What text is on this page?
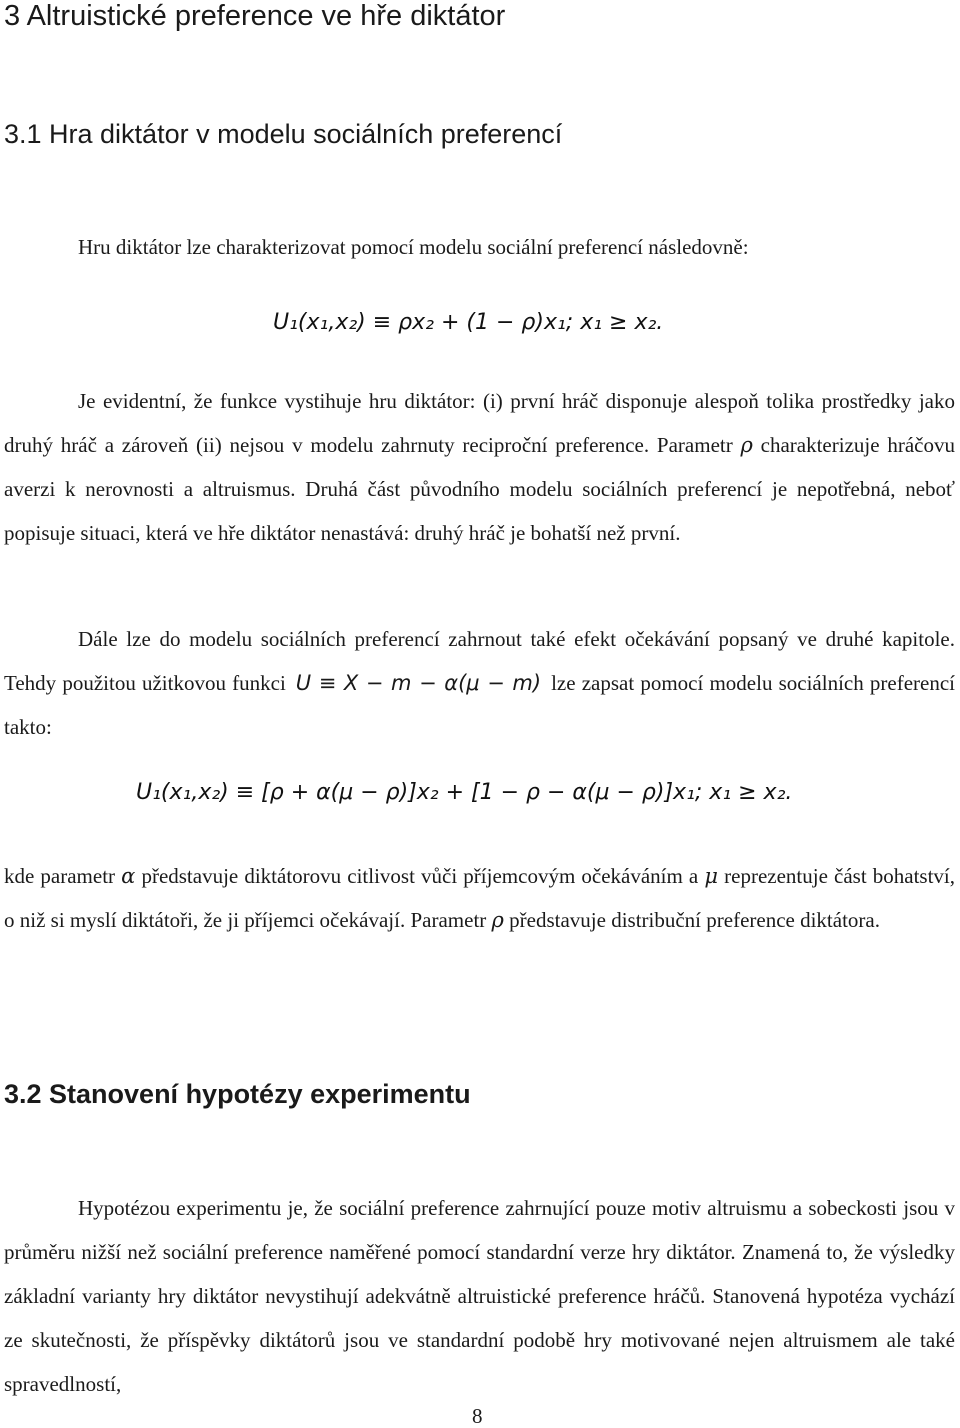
3 Altruistické preference ve hře diktátor
3.1 Hra diktátor v modelu sociálních preferencí

Hru diktátor lze charakterizovat pomocí modelu sociální preferencí následovně:

U₁(x₁,x₂) ≡ ρx₂ + (1 − ρ)x₁; x₁ ≥ x₂.

Je evidentní, že funkce vystihuje hru diktátor: (i) první hráč disponuje alespoň tolika prostředky jako druhý hráč a zároveň (ii) nejsou v modelu zahrnuty reciproční preference. Parametr ρ charakterizuje hráčovu averzi k nerovnosti a altruismus. Druhá část původního modelu sociálních preferencí je nepotřebná, neboť popisuje situaci, která ve hře diktátor nenastává: druhý hráč je bohatší než první.

Dále lze do modelu sociálních preferencí zahrnout také efekt očekávání popsaný ve druhé kapitole. Tehdy použitou užitkovou funkci U ≡ X − m − α(μ − m) lze zapsat pomocí modelu sociálních preferencí takto:

U₁(x₁,x₂) ≡ [ρ + α(μ − ρ)]x₂ + [1 − ρ − α(μ − ρ)]x₁; x₁ ≥ x₂.

kde parametr α představuje diktátorovu citlivost vůči příjemcovým očekáváním a μ reprezentuje část bohatství, o niž si myslí diktátoři, že ji příjemci očekávají. Parametr ρ představuje distribuční preference diktátora.

3.2 Stanovení hypotézy experimentu

Hypotézou experimentu je, že sociální preference zahrnující pouze motiv altruismu a sobeckosti jsou v průměru nižší než sociální preference naměřené pomocí standardní verze hry diktátor. Znamená to, že výsledky základní varianty hry diktátor nevystihují adekvátně altruistické preference hráčů. Stanovená hypotéza vychází ze skutečnosti, že příspěvky diktátorů jsou ve standardní podobě hry motivované nejen altruismem ale také spravedlností,

8
